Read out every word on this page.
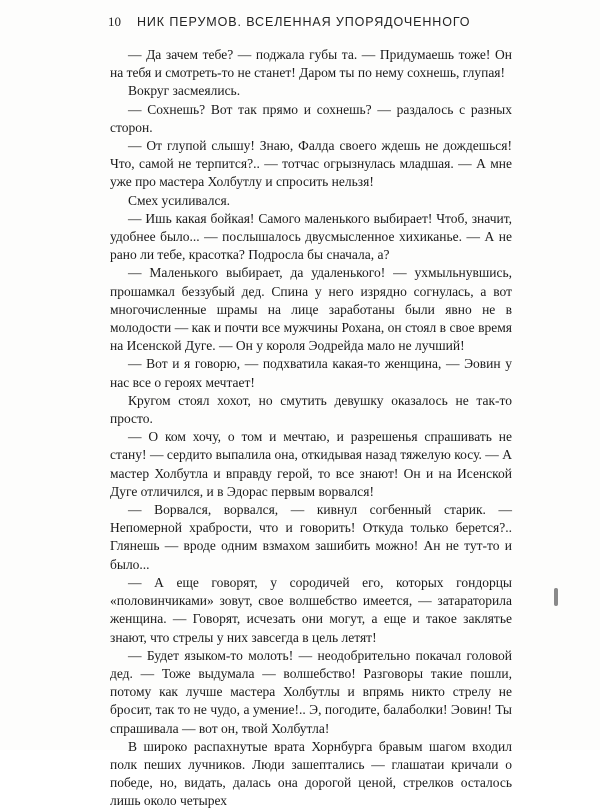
10 НИК ПЕРУМОВ. ВСЕЛЕННАЯ УПОРЯДОЧЕННОГО

— Да зачем тебе? — поджала губы та. — Придумаешь тоже! Он на тебя и смотреть-то не станет! Даром ты по нему сохнешь, глупая!

Вокруг засмеялись.

— Сохнешь? Вот так прямо и сохнешь? — раздалось с разных сторон.

— От глупой слышу! Знаю, Фалда своего ждешь не дождешься! Что, самой не терпится?.. — тотчас огрызнулась младшая. — А мне уже про мастера Холбутлу и спросить нельзя!

Смех усиливался.

— Ишь какая бойкая! Самого маленького выбирает! Чтоб, значит, удобнее было... — послышалось двусмысленное хихиканье. — А не рано ли тебе, красотка? Подросла бы сначала, а?

— Маленького выбирает, да удаленького! — ухмыльнувшись, прошамкал беззубый дед. Спина у него изрядно согнулась, а вот многочисленные шрамы на лице заработаны были явно не в молодости — как и почти все мужчины Рохана, он стоял в свое время на Исенской Дуге. — Он у короля Эодрейда мало не лучший!

— Вот и я говорю, — подхватила какая-то женщина, — Эовин у нас все о героях мечтает!

Кругом стоял хохот, но смутить девушку оказалось не так-то просто.

— О ком хочу, о том и мечтаю, и разрешенья спрашивать не стану! — сердито выпалила она, откидывая назад тяжелую косу. — А мастер Холбутла и вправду герой, то все знают! Он и на Исенской Дуге отличился, и в Эдорас первым ворвался!

— Ворвался, ворвался, — кивнул согбенный старик. — Непомерной храбрости, что и говорить! Откуда только берется?.. Глянешь — вроде одним взмахом зашибить можно! Ан не тут-то и было...

— А еще говорят, у сородичей его, которых гондорцы «половинчиками» зовут, свое волшебство имеется, — затараторила женщина. — Говорят, исчезать они могут, а еще и такое заклятье знают, что стрелы у них завсегда в цель летят!

— Будет языком-то молоть! — неодобрительно покачал головой дед. — Тоже выдумала — волшебство! Разговоры такие пошли, потому как лучше мастера Холбутлы и впрямь никто стрелу не бросит, так то не чудо, а умение!.. Э, погодите, балаболки! Эовин! Ты спрашивала — вот он, твой Холбутла!

В широко распахнутые врата Хорнбурга бравым шагом входил полк пеших лучников. Люди зашептались — глашатаи кричали о победе, но, видать, далась она дорогой ценой, стрелков осталось лишь около четырех
